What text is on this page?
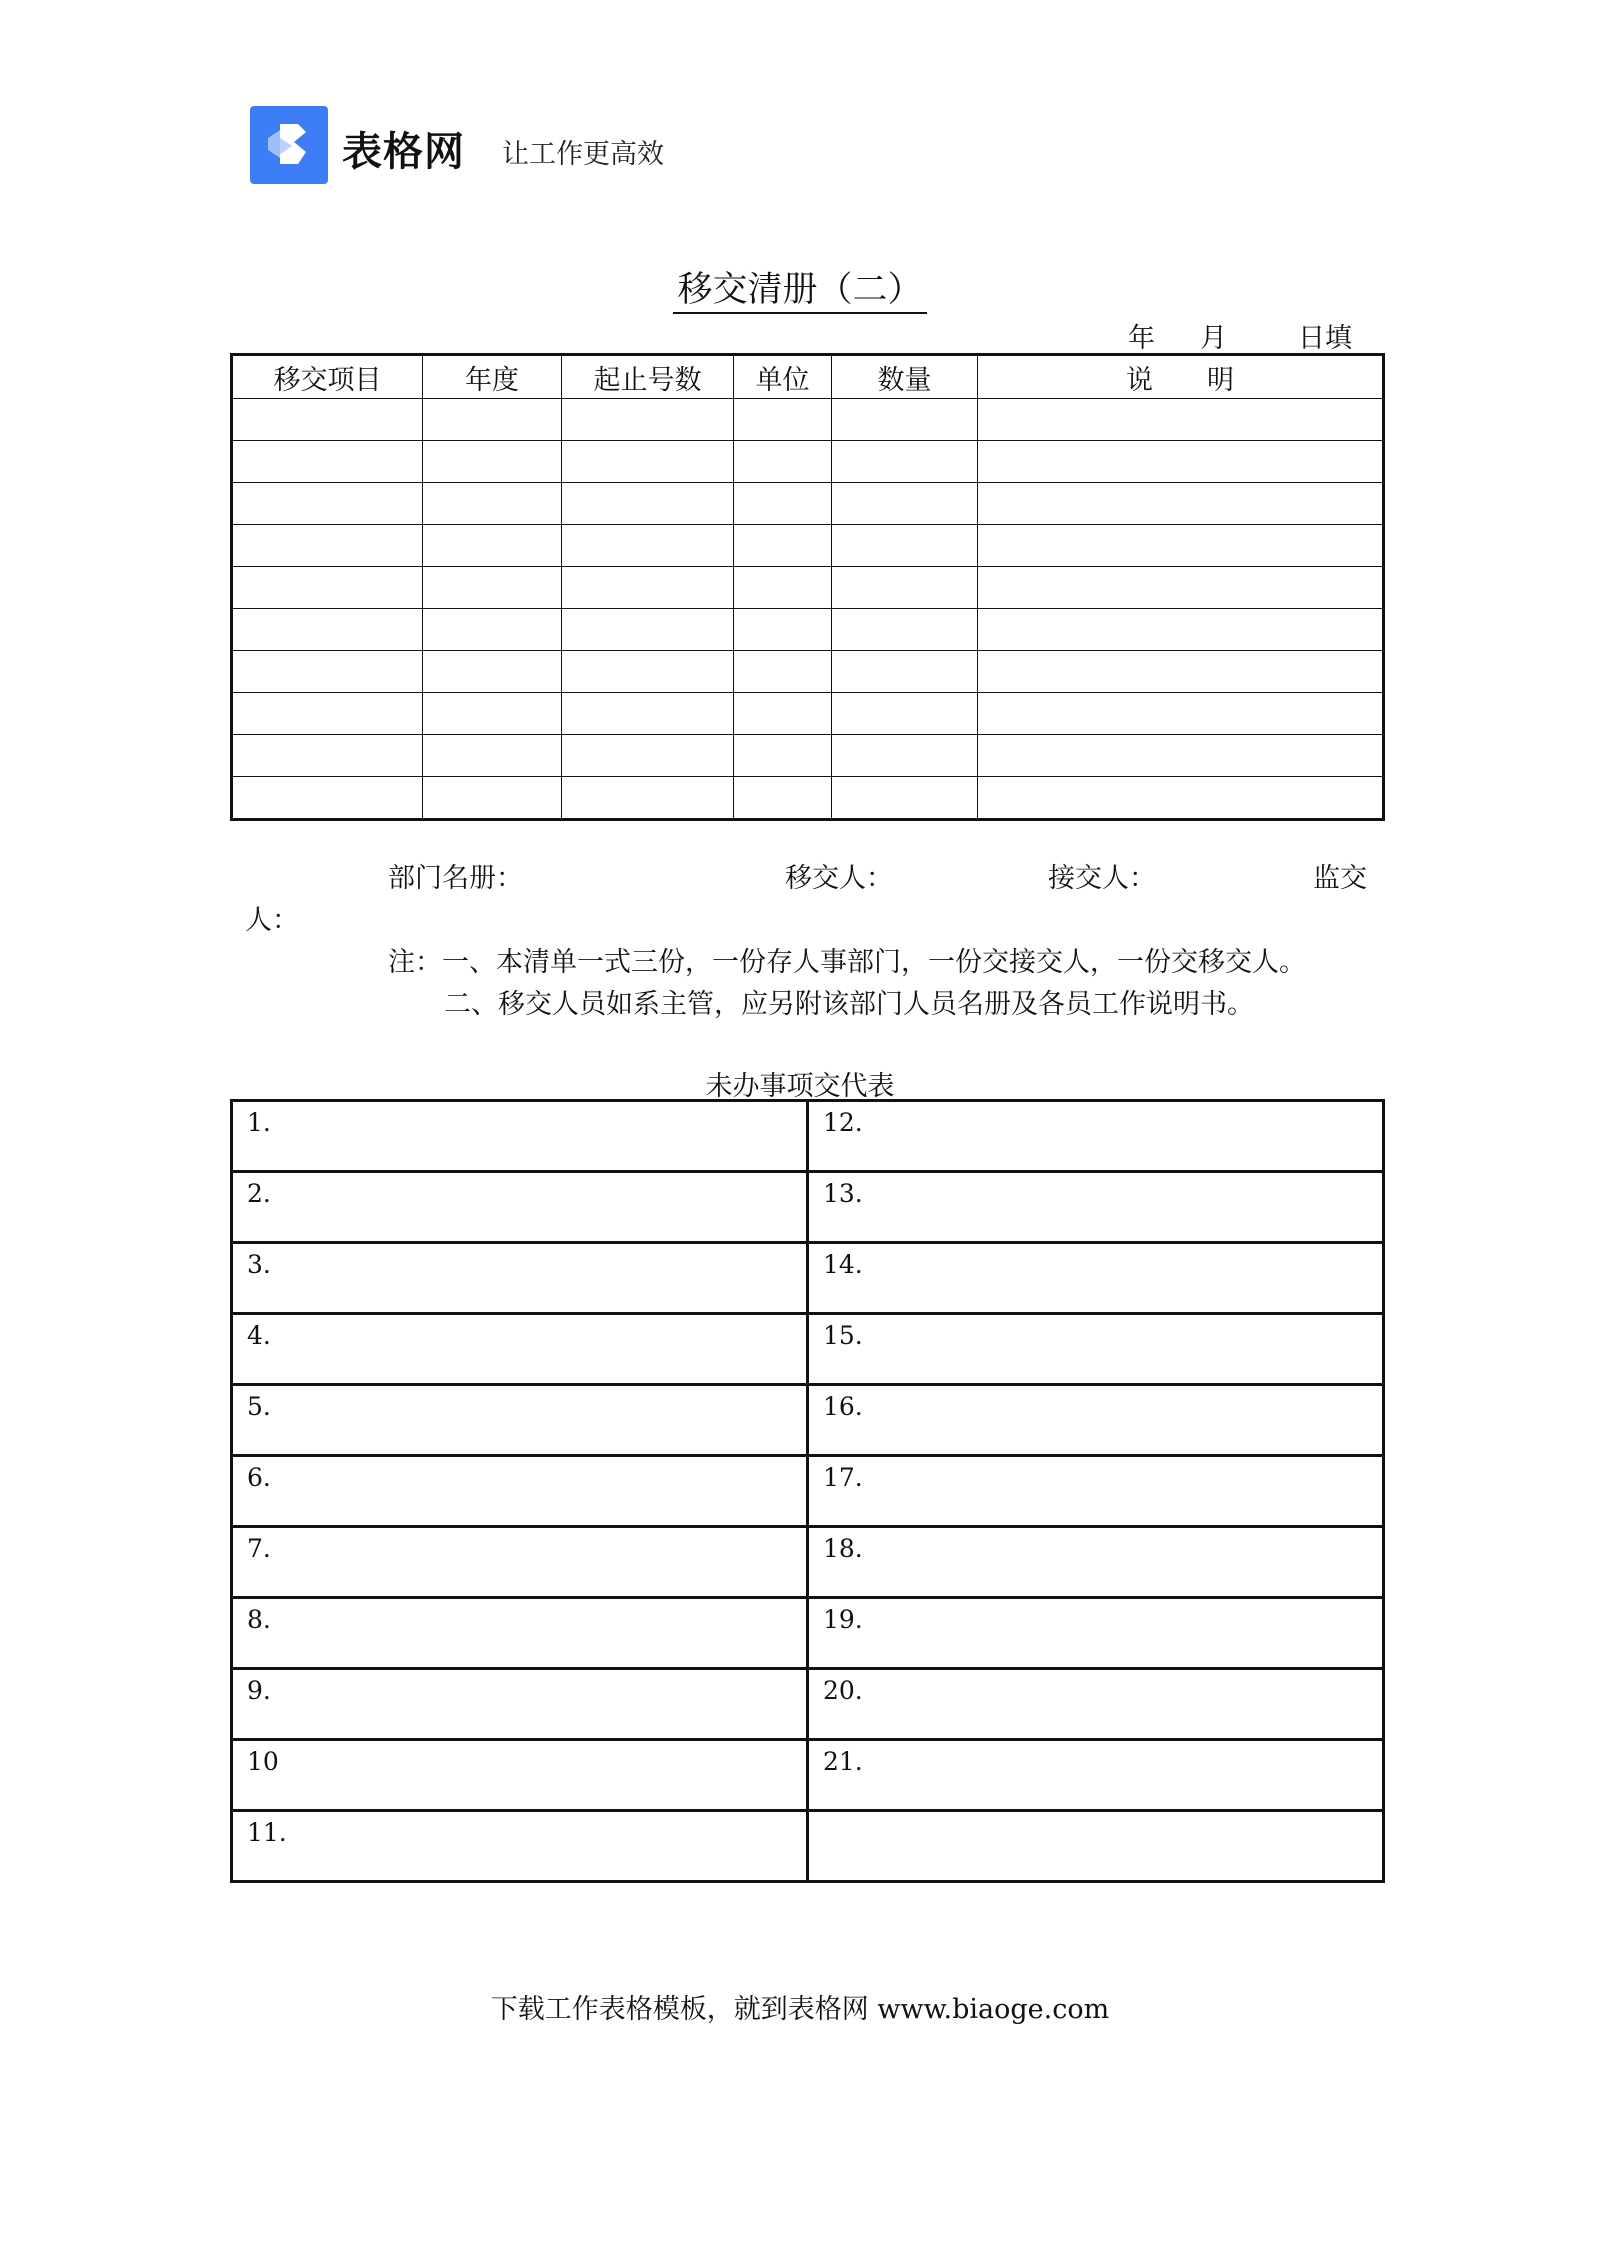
表格网 让工作更高效
移交清册（二）
年 月	日填
移交项目	年度	起止号数	单位	数量	说　　明

部门名册：	移交人：	接交人：	监交
人：
注：一、本清单一式三份，一份存人事部门，一份交接交人，一份交移交人。
二、移交人员如系主管，应另附该部门人员名册及各员工作说明书。
未办事项交代表
1.	12.
2.	13.
3.	14.
4.	15.
5.	16.
6.	17.
7.	18.
8.	19.
9.	20.
10	21.
11.	
下载工作表格模板，就到表格网 www.biaoge.com
